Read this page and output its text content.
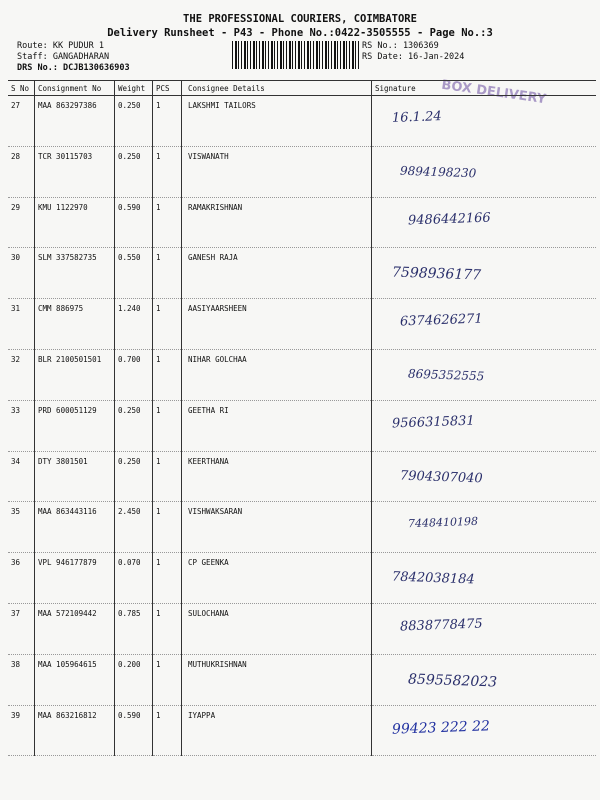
THE PROFESSIONAL COURIERS, COIMBATORE
Delivery Runsheet - P43 - Phone No.:0422-3505555 - Page No.:3
Route: KK PUDUR 1
Staff: GANGADHARAN
DRS No.: DCJB130636903
RS No.: 1306369
RS Date: 16-Jan-2024
BOX DELIVERY
S No	Consignment No	Weight	PCS	Consignee Details	Signature
27	MAA 863297386	0.250	1	LAKSHMI TAILORS	16.1.24

28	TCR 30115703	0.250	1	VISWANATH	9894198230

29	KMU 1122970	0.590	1	RAMAKRISHNAN	9486442166

30	SLM 337582735	0.550	1	GANESH RAJA	7598936177

31	CMM 886975	1.240	1	AASIYAARSHEEN	6374626271

32	BLR 2100501501	0.700	1	NIHAR GOLCHAA	8695352555

33	PRD 600051129	0.250	1	GEETHA RI	9566315831

34	DTY 3801501	0.250	1	KEERTHANA	7904307040

35	MAA 863443116	2.450	1	VISHWAKSARAN	7448410198

36	VPL 946177879	0.070	1	CP GEENKA	7842038184

37	MAA 572109442	0.785	1	SULOCHANA	8838778475

38	MAA 105964615	0.200	1	MUTHUKRISHNAN	8595582023

39	MAA 863216812	0.590	1	IYAPPA	99423 222 22
